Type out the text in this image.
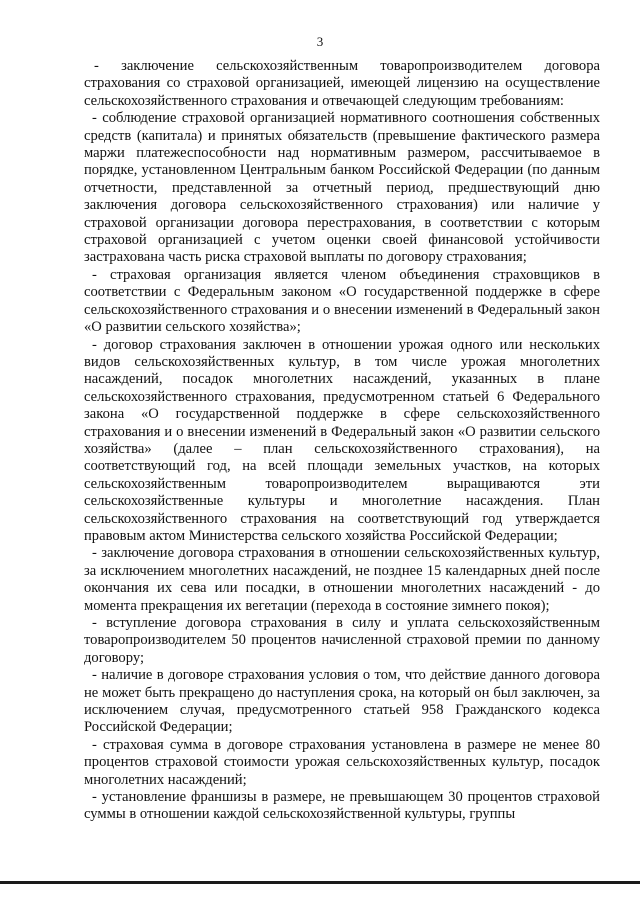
3

- заключение сельскохозяйственным товаропроизводителем договора страхования со страховой организацией, имеющей лицензию на осуществление сельскохозяйственного страхования и отвечающей следующим требованиям:

- соблюдение страховой организацией нормативного соотношения собственных средств (капитала) и принятых обязательств (превышение фактического размера маржи платежеспособности над нормативным размером, рассчитываемое в порядке, установленном Центральным банком Российской Федерации (по данным отчетности, представленной за отчетный период, предшествующий дню заключения договора сельскохозяйственного страхования) или наличие у страховой организации договора перестрахования, в соответствии с которым страховой организацией с учетом оценки своей финансовой устойчивости застрахована часть риска страховой выплаты по договору страхования;

- страховая организация является членом объединения страховщиков в соответствии с Федеральным законом «О государственной поддержке в сфере сельскохозяйственного страхования и о внесении изменений в Федеральный закон «О развитии сельского хозяйства»;

- договор страхования заключен в отношении урожая одного или нескольких видов сельскохозяйственных культур, в том числе урожая многолетних насаждений, посадок многолетних насаждений, указанных в плане сельскохозяйственного страхования, предусмотренном статьей 6 Федерального закона «О государственной поддержке в сфере сельскохозяйственного страхования и о внесении изменений в Федеральный закон «О развитии сельского хозяйства» (далее – план сельскохозяйственного страхования), на соответствующий год, на всей площади земельных участков, на которых сельскохозяйственным товаропроизводителем выращиваются эти сельскохозяйственные культуры и многолетние насаждения. План сельскохозяйственного страхования на соответствующий год утверждается правовым актом Министерства сельского хозяйства Российской Федерации;

- заключение договора страхования в отношении сельскохозяйственных культур, за исключением многолетних насаждений, не позднее 15 календарных дней после окончания их сева или посадки, в отношении многолетних насаждений - до момента прекращения их вегетации (перехода в состояние зимнего покоя);

- вступление договора страхования в силу и уплата сельскохозяйственным товаропроизводителем 50 процентов начисленной страховой премии по данному договору;

- наличие в договоре страхования условия о том, что действие данного договора не может быть прекращено до наступления срока, на который он был заключен, за исключением случая, предусмотренного статьей 958 Гражданского кодекса Российской Федерации;

- страховая сумма в договоре страхования установлена в размере не менее 80 процентов страховой стоимости урожая сельскохозяйственных культур, посадок многолетних насаждений;

- установление франшизы в размере, не превышающем 30 процентов страховой суммы в отношении каждой сельскохозяйственной культуры, группы
